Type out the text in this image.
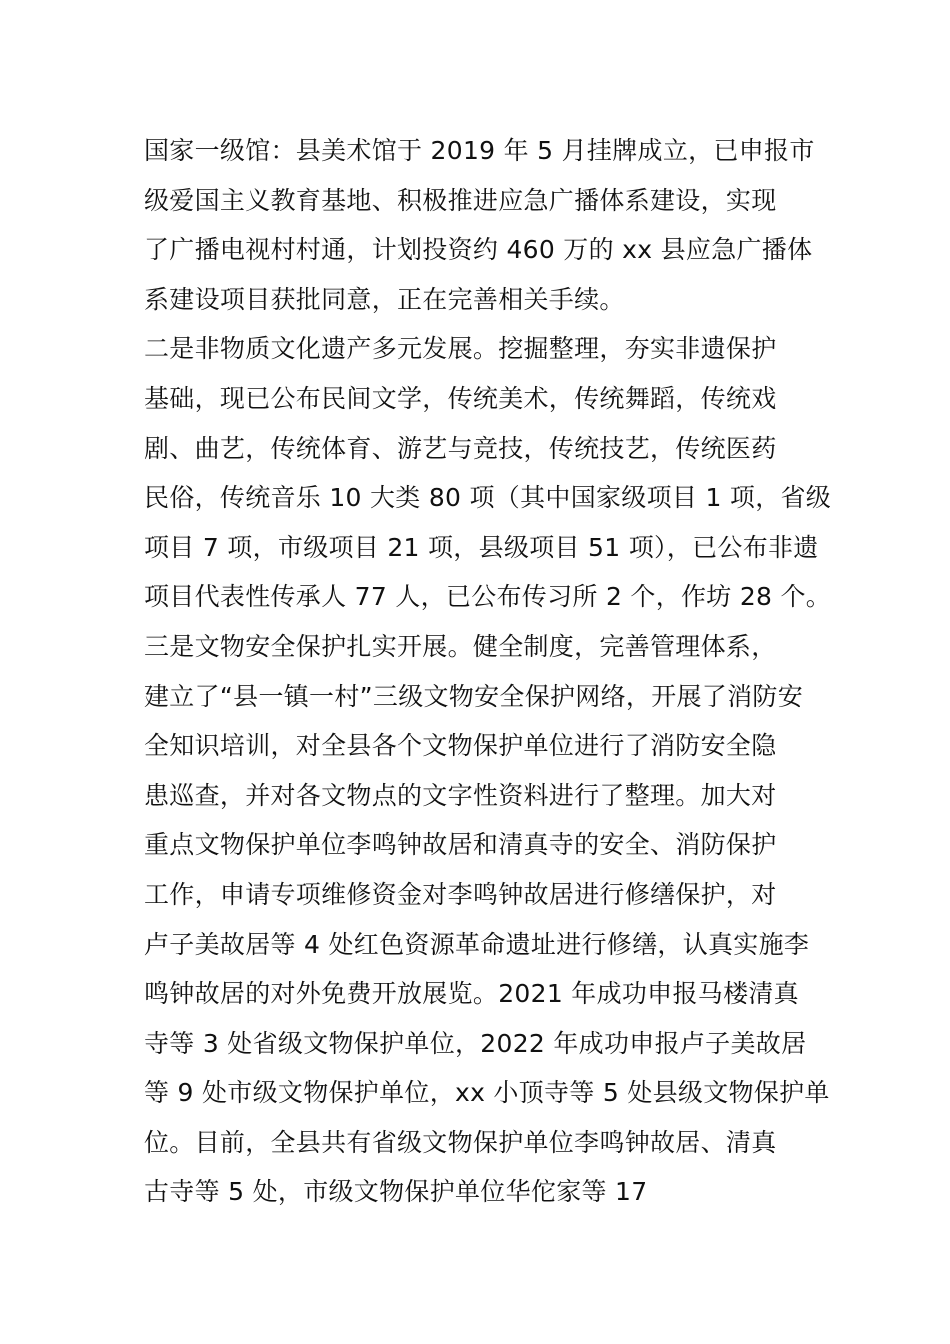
国家一级馆：县美术馆于 2019 年 5 月挂牌成立，已申报市
级爱国主义教育基地、积极推进应急广播体系建设，实现
了广播电视村村通，计划投资约 460 万的 xx 县应急广播体
系建设项目获批同意，正在完善相关手续。
二是非物质文化遗产多元发展。挖掘整理，夯实非遗保护
基础，现已公布民间文学，传统美术，传统舞蹈，传统戏
剧、曲艺，传统体育、游艺与竞技，传统技艺，传统医药
民俗，传统音乐 10 大类 80 项（其中国家级项目 1 项，省级
项目 7 项，市级项目 21 项，县级项目 51 项），已公布非遗
项目代表性传承人 77 人，已公布传习所 2 个，作坊 28 个。
三是文物安全保护扎实开展。健全制度，完善管理体系，
建立了“县一镇一村”三级文物安全保护网络，开展了消防安
全知识培训，对全县各个文物保护单位进行了消防安全隐
患巡查，并对各文物点的文字性资料进行了整理。加大对
重点文物保护单位李鸣钟故居和清真寺的安全、消防保护
工作，申请专项维修资金对李鸣钟故居进行修缮保护，对
卢子美故居等 4 处红色资源革命遗址进行修缮，认真实施李
鸣钟故居的对外免费开放展览。2021 年成功申报马楼清真
寺等 3 处省级文物保护单位，2022 年成功申报卢子美故居
等 9 处市级文物保护单位，xx 小顶寺等 5 处县级文物保护单
位。目前，全县共有省级文物保护单位李鸣钟故居、清真
古寺等 5 处，市级文物保护单位华佗家等 17
